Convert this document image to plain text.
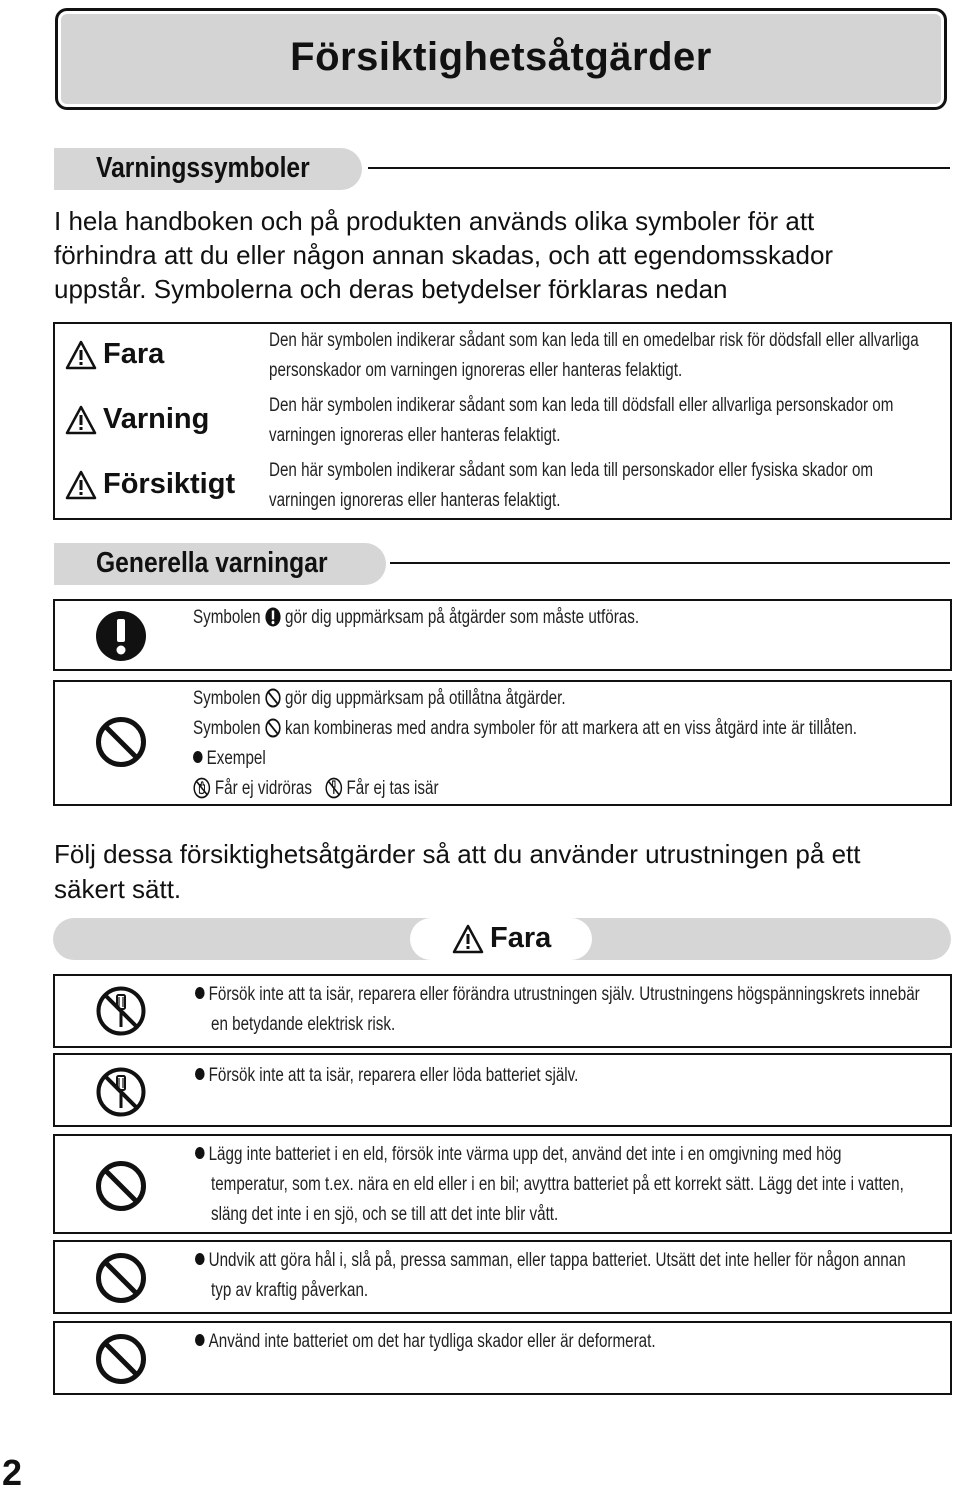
Försiktighetsåtgärder
Varningssymboler
I hela handboken och på produkten används olika symboler för att
förhindra att du eller någon annan skadas, och att egendomsskador
uppstår. Symbolerna och deras betydelser förklaras nedan
Fara	Den här symbolen indikerar sådant som kan leda till en omedelbar risk för dödsfall eller allvarliga
personskador om varningen ignoreras eller hanteras felaktigt.
Varning	Den här symbolen indikerar sådant som kan leda till dödsfall eller allvarliga personskador om
varningen ignoreras eller hanteras felaktigt.
Försiktigt Den här symbolen indikerar sådant som kan leda till personskador eller fysiska skador om
varningen ignoreras eller hanteras felaktigt.
Generella varningar
Symbolen gör dig uppmärksam på åtgärder som måste utföras.
Symbolen gör dig uppmärksam på otillåtna åtgärder.
Symbolen kan kombineras med andra symboler för att markera att en viss åtgärd inte är tillåten.
Exempel
Får ej vidröras Får ej tas isär
Följ dessa försiktighetsåtgärder så att du använder utrustningen på ett
säkert sätt.
Fara
Försök inte att ta isär, reparera eller förändra utrustningen själv. Utrustningens högspänningskrets innebär
en betydande elektrisk risk.
Försök inte att ta isär, reparera eller löda batteriet själv.
Lägg inte batteriet i en eld, försök inte värma upp det, använd det inte i en omgivning med hög
temperatur, som t.ex. nära en eld eller i en bil; avyttra batteriet på ett korrekt sätt. Lägg det inte i vatten,
släng det inte i en sjö, och se till att det inte blir vått.
Undvik att göra hål i, slå på, pressa samman, eller tappa batteriet. Utsätt det inte heller för någon annan
typ av kraftig påverkan.
Använd inte batteriet om det har tydliga skador eller är deformerat.
2
